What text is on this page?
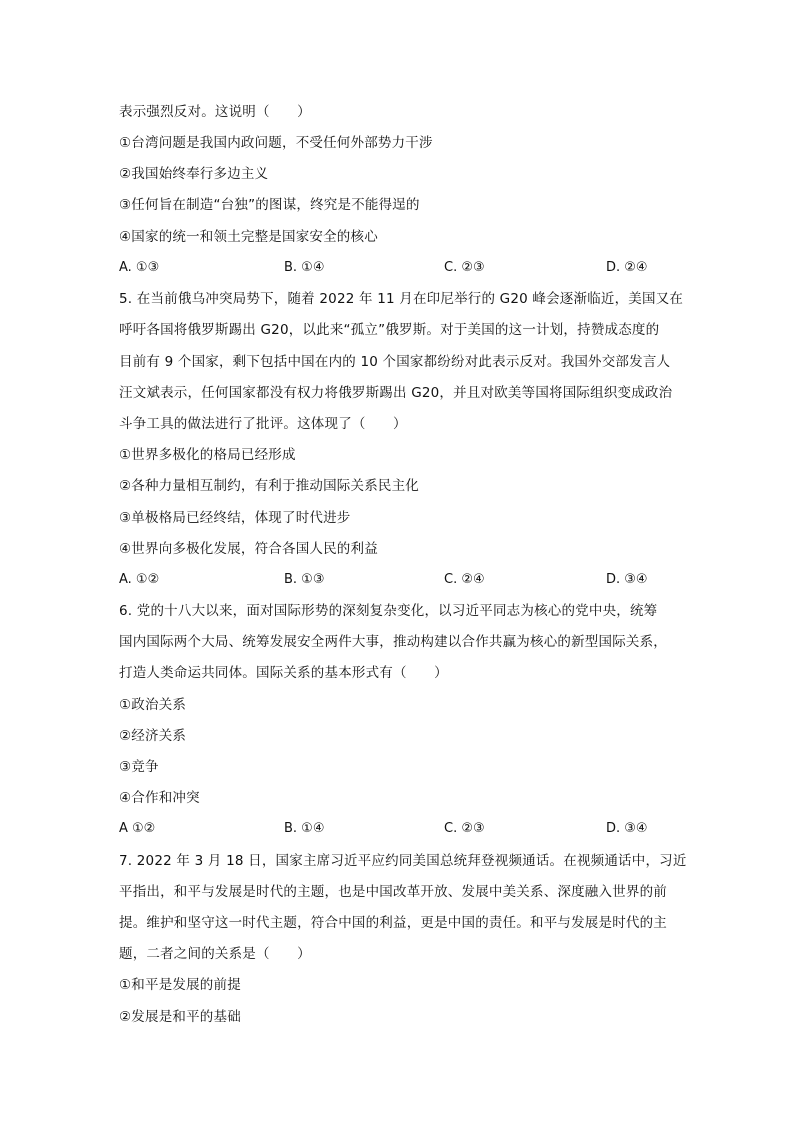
表示强烈反对。这说明（　　）
①台湾问题是我国内政问题，不受任何外部势力干涉
②我国始终奉行多边主义
③任何旨在制造“台独”的图谋，终究是不能得逞的
④国家的统一和领土完整是国家安全的核心
A. ①③	B. ①④	C. ②③	D. ②④
5. 在当前俄乌冲突局势下，随着 2022 年 11 月在印尼举行的 G20 峰会逐渐临近，美国又在
呼吁各国将俄罗斯踢出 G20，以此来“孤立”俄罗斯。对于美国的这一计划，持赞成态度的
目前有 9 个国家，剩下包括中国在内的 10 个国家都纷纷对此表示反对。我国外交部发言人
汪文斌表示，任何国家都没有权力将俄罗斯踢出 G20，并且对欧美等国将国际组织变成政治
斗争工具的做法进行了批评。这体现了（　　）
①世界多极化的格局已经形成
②各种力量相互制约，有利于推动国际关系民主化
③单极格局已经终结，体现了时代进步
④世界向多极化发展，符合各国人民的利益
A. ①②	B. ①③	C. ②④	D. ③④
6. 党的十八大以来，面对国际形势的深刻复杂变化，以习近平同志为核心的党中央，统筹
国内国际两个大局、统筹发展安全两件大事，推动构建以合作共赢为核心的新型国际关系，
打造人类命运共同体。国际关系的基本形式有（　　）
①政治关系
②经济关系
③竞争
④合作和冲突
A ①②	B. ①④	C. ②③	D. ③④
7. 2022 年 3 月 18 日，国家主席习近平应约同美国总统拜登视频通话。在视频通话中，习近
平指出，和平与发展是时代的主题，也是中国改革开放、发展中美关系、深度融入世界的前
提。维护和坚守这一时代主题，符合中国的利益，更是中国的责任。和平与发展是时代的主
题，二者之间的关系是（　　）
①和平是发展的前提
②发展是和平的基础
